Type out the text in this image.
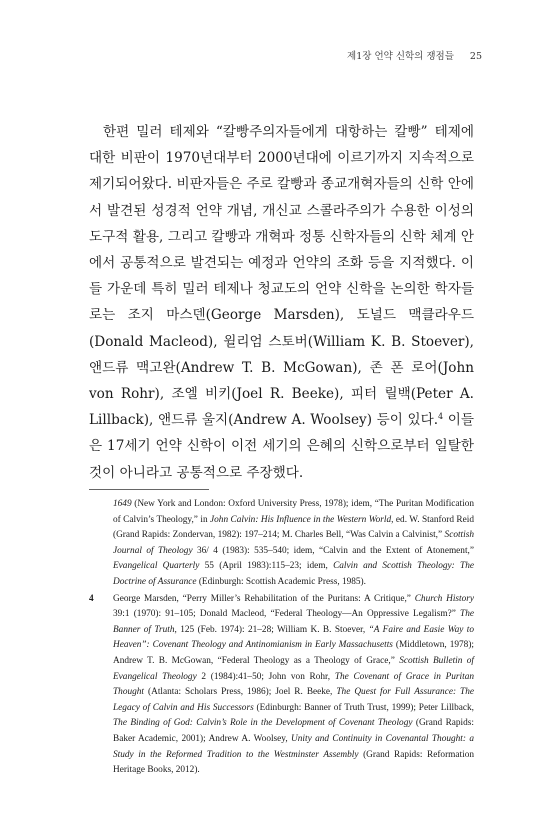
제1장 언약 신학의 쟁점들 25

한편 밀러 테제와 “칼빵주의자들에게 대항하는 칼빵” 테제에 대한 비판이 1970년대부터 2000년대에 이르기까지 지속적으로 제기되어왔다. 비판자들은 주로 칼빵과 종교개혁자들의 신학 안에서 발견된 성경적 언약 개념, 개신교 스콜라주의가 수용한 이성의 도구적 활용, 그리고 칼빵과 개혁파 정통 신학자들의 신학 체계 안에서 공통적으로 발견되는 예정과 언약의 조화 등을 지적했다. 이들 가운데 특히 밀러 테제나 청교도의 언약 신학을 논의한 학자들로는 조지 마스덴(George Marsden), 도널드 맥클라우드(Donald Macleod), 윌리엄 스토버(William K. B. Stoever), 앤드류 맥고완(Andrew T. B. McGowan), 존 폰 로어(John von Rohr), 조엘 비키(Joel R. Beeke), 피터 릴백(Peter A. Lillback), 앤드류 울지(Andrew A. Woolsey) 등이 있다.$^4$ 이들은 17세기 언약 신학이 이전 세기의 은혜의 신학으로부터 일탈한 것이 아니라고 공통적으로 주장했다.

1649 (New York and London: Oxford University Press, 1978); idem, “The Puritan Modification of Calvin’s Theology,” in John Calvin: His Influence in the Western World, ed. W. Stanford Reid (Grand Rapids: Zondervan, 1982): 197–214; M. Charles Bell, “Was Calvin a Calvinist,” Scottish Journal of Theology 36/ 4 (1983): 535–540; idem, “Calvin and the Extent of Atonement,” Evangelical Quarterly 55 (April 1983):115–23; idem, Calvin and Scottish Theology: The Doctrine of Assurance (Edinburgh: Scottish Academic Press, 1985).
4 George Marsden, “Perry Miller’s Rehabilitation of the Puritans: A Critique,” Church History 39:1 (1970): 91–105; Donald Macleod, “Federal Theology—An Oppressive Legalism?” The Banner of Truth, 125 (Feb. 1974): 21–28; William K. B. Stoever, “A Faire and Easie Way to Heaven”: Covenant Theology and Antinomianism in Early Massachusetts (Middletown, 1978); Andrew T. B. McGowan, “Federal Theology as a Theology of Grace,” Scottish Bulletin of Evangelical Theology 2 (1984):41–50; John von Rohr, The Covenant of Grace in Puritan Thought (Atlanta: Scholars Press, 1986); Joel R. Beeke, The Quest for Full Assurance: The Legacy of Calvin and His Successors (Edinburgh: Banner of Truth Trust, 1999); Peter Lillback, The Binding of God: Calvin’s Role in the Development of Covenant Theology (Grand Rapids: Baker Academic, 2001); Andrew A. Woolsey, Unity and Continuity in Covenantal Thought: a Study in the Reformed Tradition to the Westminster Assembly (Grand Rapids: Reformation Heritage Books, 2012).
